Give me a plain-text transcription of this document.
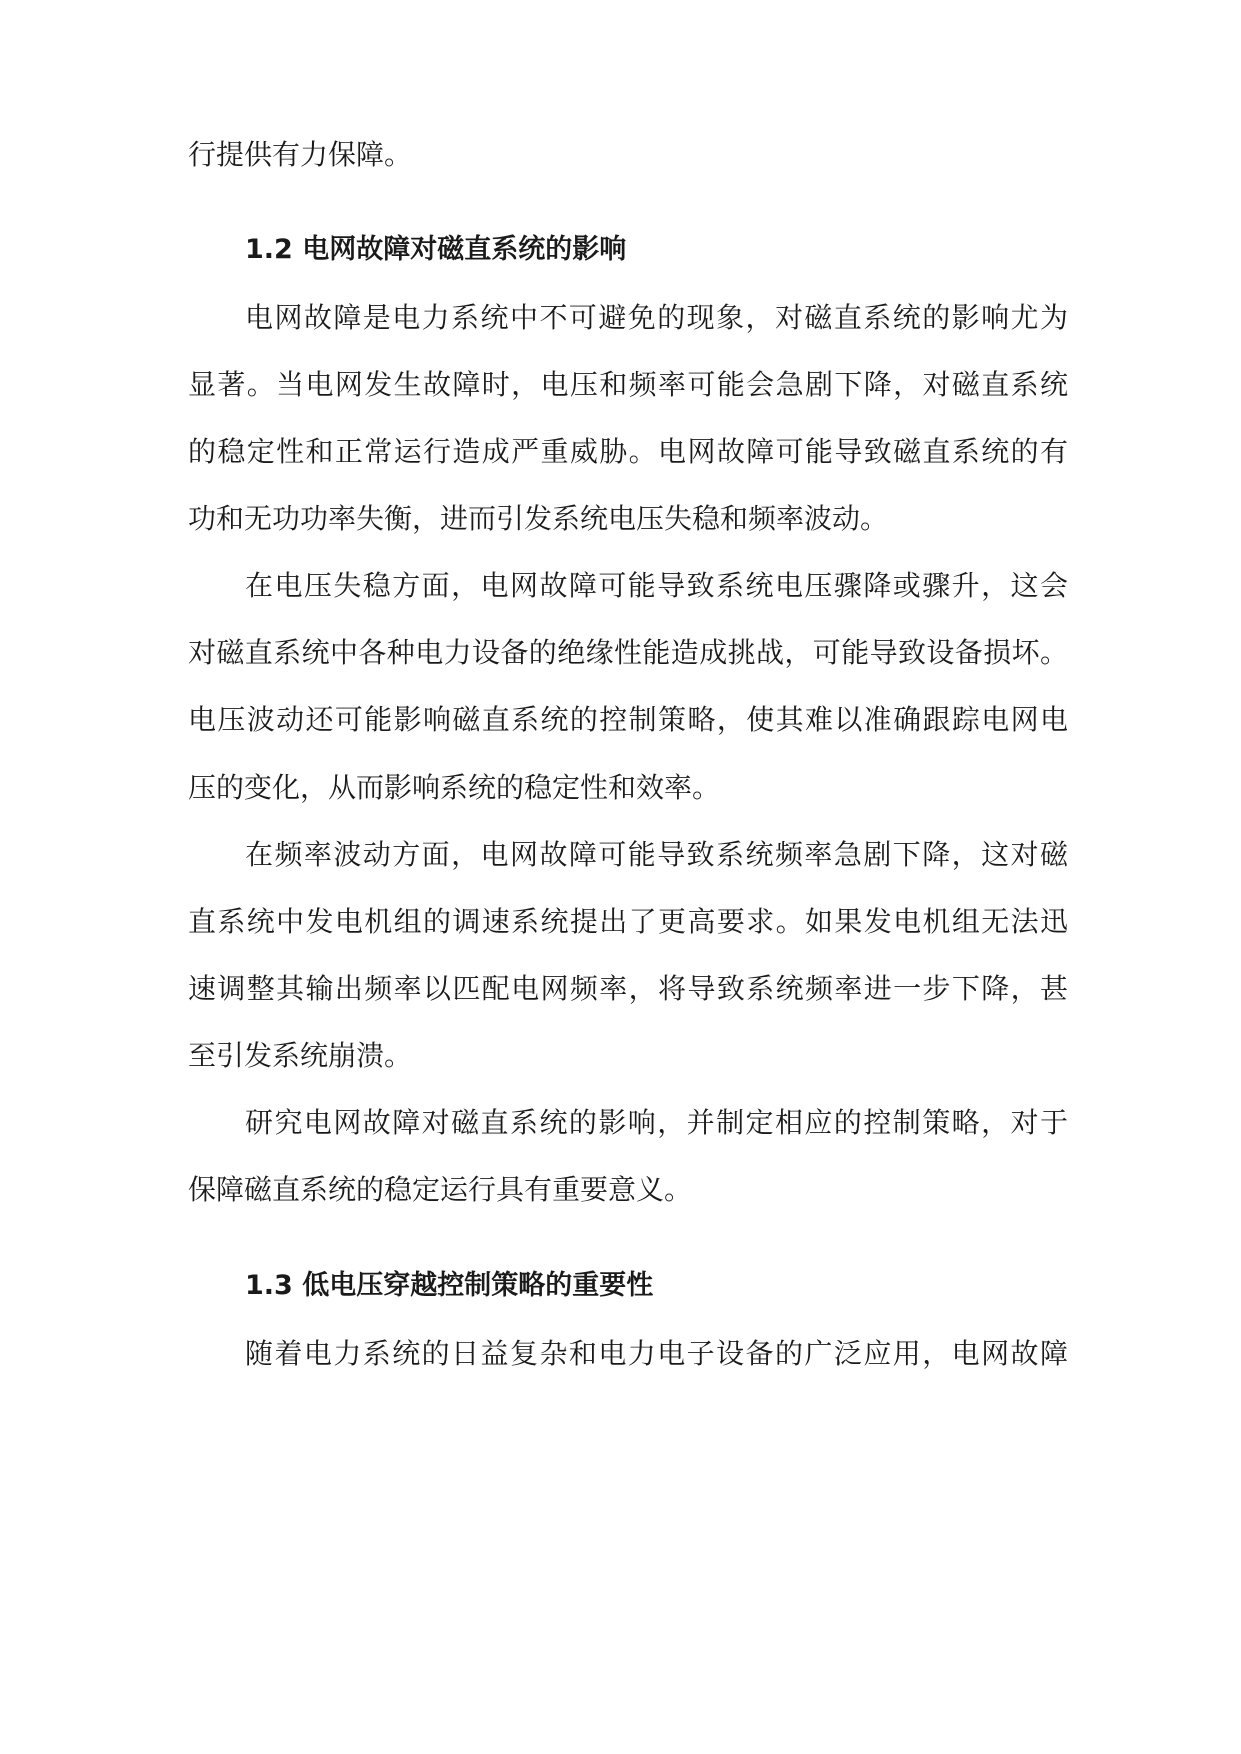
行提供有力保障。
1.2 电网故障对磁直系统的影响
电网故障是电力系统中不可避免的现象，对磁直系统的影响尤为
显著。当电网发生故障时，电压和频率可能会急剧下降，对磁直系统
的稳定性和正常运行造成严重威胁。电网故障可能导致磁直系统的有
功和无功功率失衡，进而引发系统电压失稳和频率波动。
在电压失稳方面，电网故障可能导致系统电压骤降或骤升，这会
对磁直系统中各种电力设备的绝缘性能造成挑战，可能导致设备损坏。
电压波动还可能影响磁直系统的控制策略，使其难以准确跟踪电网电
压的变化，从而影响系统的稳定性和效率。
在频率波动方面，电网故障可能导致系统频率急剧下降，这对磁
直系统中发电机组的调速系统提出了更高要求。如果发电机组无法迅
速调整其输出频率以匹配电网频率，将导致系统频率进一步下降，甚
至引发系统崩溃。
研究电网故障对磁直系统的影响，并制定相应的控制策略，对于
保障磁直系统的稳定运行具有重要意义。
1.3 低电压穿越控制策略的重要性
随着电力系统的日益复杂和电力电子设备的广泛应用，电网故障
